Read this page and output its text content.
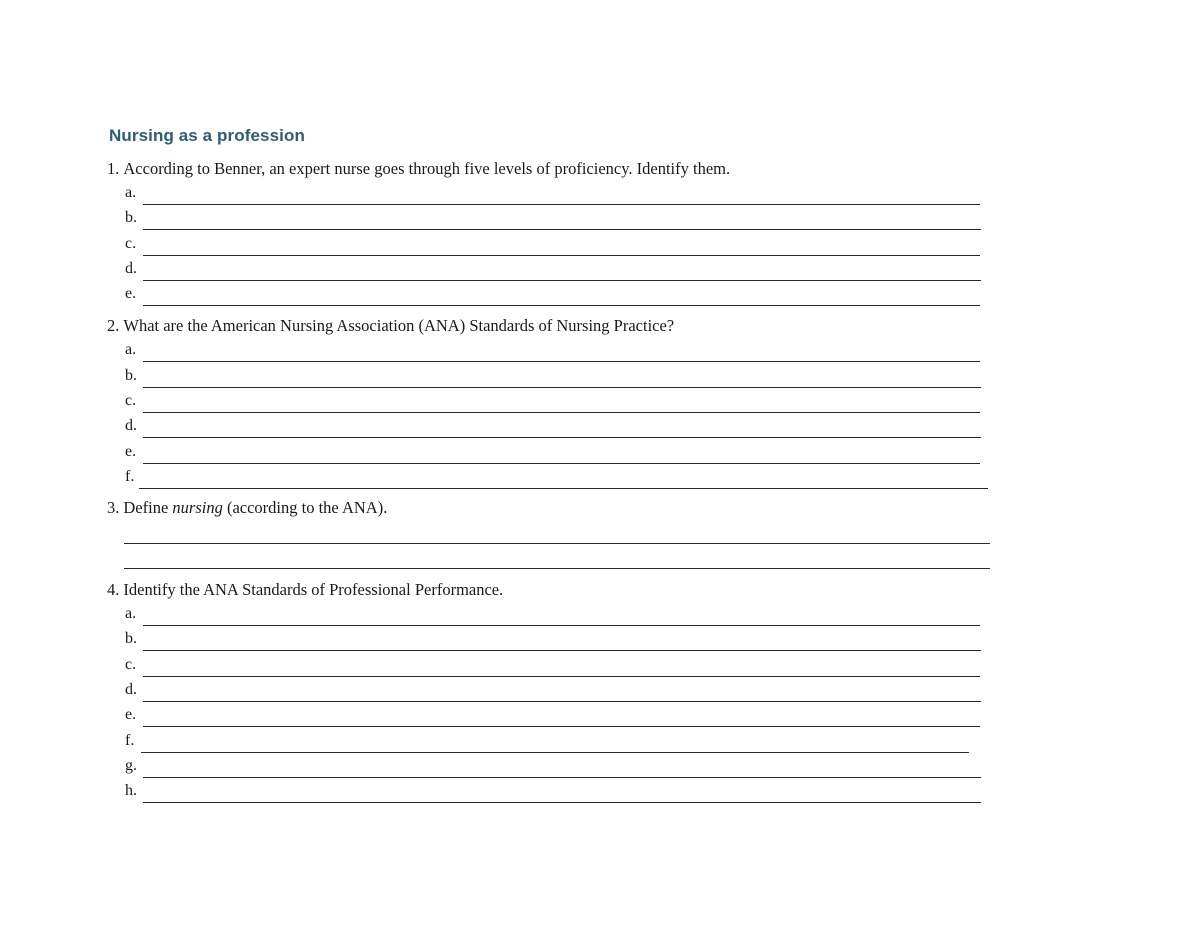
Nursing as a profession
1. According to Benner, an expert nurse goes through five levels of proficiency. Identify them.
a.
b.
c.
d.
e.
2. What are the American Nursing Association (ANA) Standards of Nursing Practice?
a.
b.
c.
d.
e.
f.
3. Define nursing (according to the ANA).
4. Identify the ANA Standards of Professional Performance.
a.
b.
c.
d.
e.
f.
g.
h.
